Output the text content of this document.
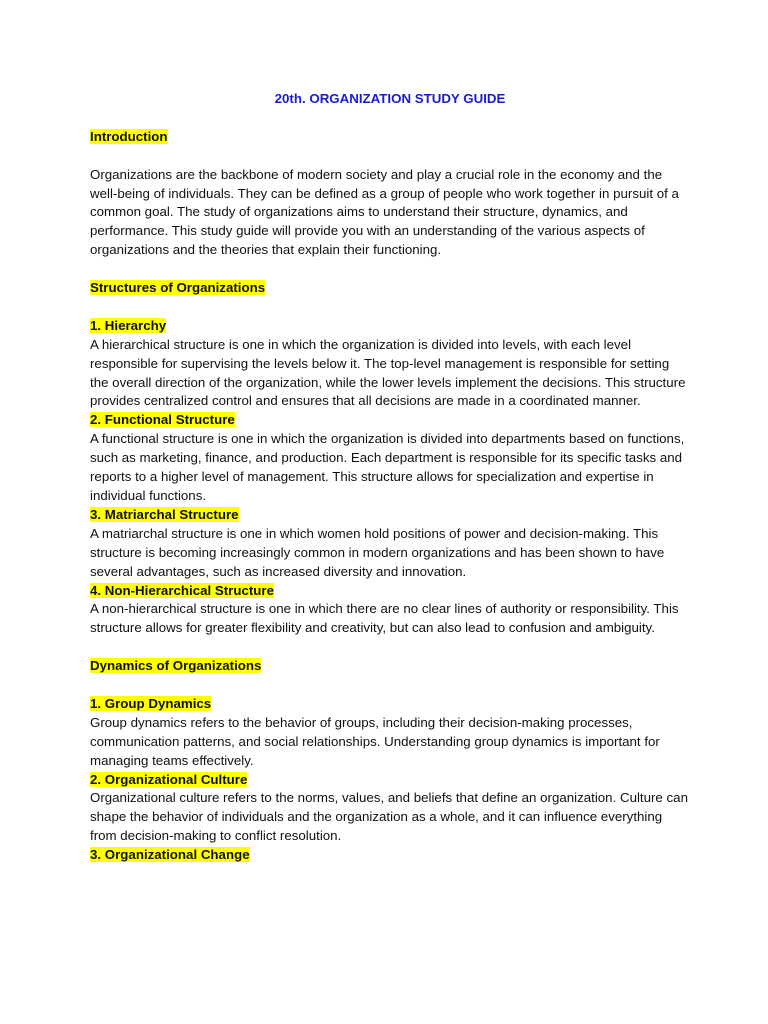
20th. ORGANIZATION STUDY GUIDE

Introduction

Organizations are the backbone of modern society and play a crucial role in the economy and the well-being of individuals. They can be defined as a group of people who work together in pursuit of a common goal. The study of organizations aims to understand their structure, dynamics, and performance. This study guide will provide you with an understanding of the various aspects of organizations and the theories that explain their functioning.

Structures of Organizations

1. Hierarchy

A hierarchical structure is one in which the organization is divided into levels, with each level responsible for supervising the levels below it. The top-level management is responsible for setting the overall direction of the organization, while the lower levels implement the decisions. This structure provides centralized control and ensures that all decisions are made in a coordinated manner.

2. Functional Structure

A functional structure is one in which the organization is divided into departments based on functions, such as marketing, finance, and production. Each department is responsible for its specific tasks and reports to a higher level of management. This structure allows for specialization and expertise in individual functions.

3. Matriarchal Structure

A matriarchal structure is one in which women hold positions of power and decision-making. This structure is becoming increasingly common in modern organizations and has been shown to have several advantages, such as increased diversity and innovation.

4. Non-Hierarchical Structure

A non-hierarchical structure is one in which there are no clear lines of authority or responsibility. This structure allows for greater flexibility and creativity, but can also lead to confusion and ambiguity.

Dynamics of Organizations

1. Group Dynamics

Group dynamics refers to the behavior of groups, including their decision-making processes, communication patterns, and social relationships. Understanding group dynamics is important for managing teams effectively.

2. Organizational Culture

Organizational culture refers to the norms, values, and beliefs that define an organization. Culture can shape the behavior of individuals and the organization as a whole, and it can influence everything from decision-making to conflict resolution.

3. Organizational Change
